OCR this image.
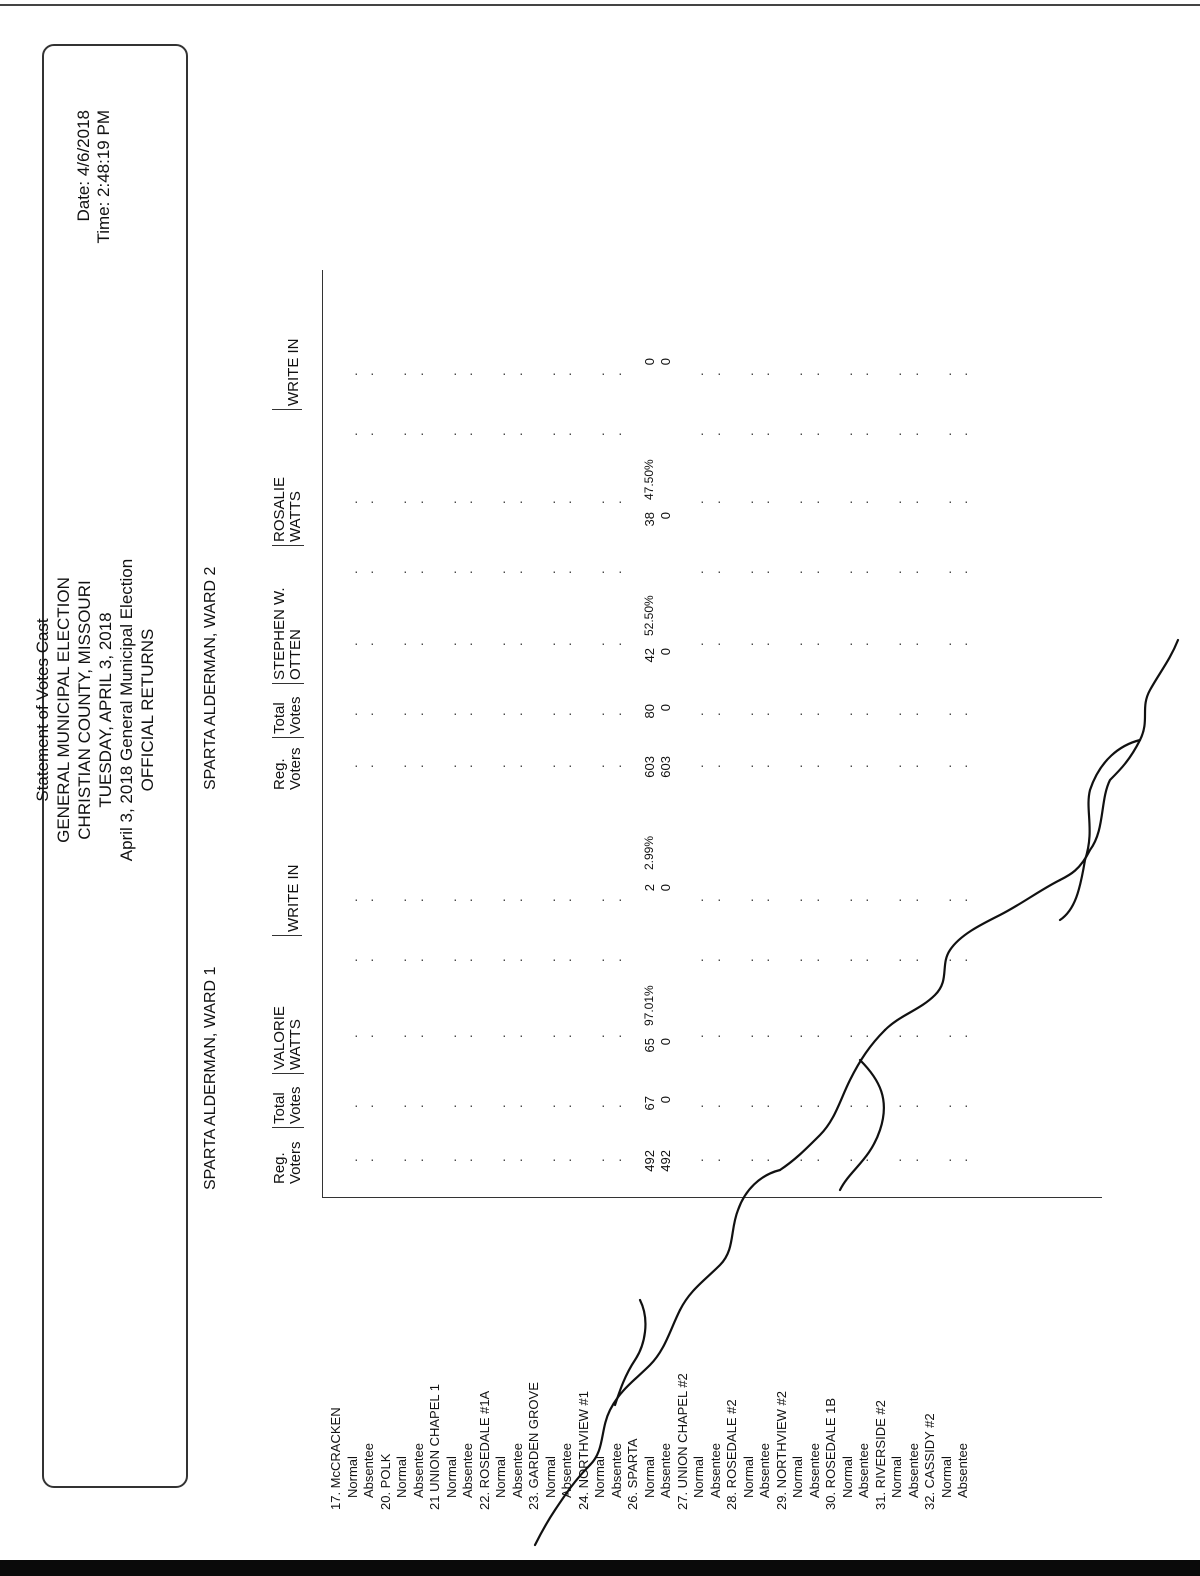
Date: 4/6/2018 Time: 2:48:19 PM
Statement of Votes Cast GENERAL MUNICIPAL ELECTION CHRISTIAN COUNTY, MISSOURI TUESDAY, APRIL 3, 2018 April 3, 2018 General Municipal Election OFFICIAL RETURNS
SPARTA ALDERMAN, WARD 1
SPARTA ALDERMAN, WARD 2
Reg.
Voters
Total
Votes
VALORIE
WATTS
WRITE IN
Reg.
Voters
Total
Votes
STEPHEN W.
OTTEN
ROSALIE
WATTS
WRITE IN
17. McCRACKEN Normal Absentee 20. POLK Normal Absentee 21 UNION CHAPEL 1 Normal Absentee 22. ROSEDALE #1A Normal Absentee 23. GARDEN GROVE Normal Absentee 24. NORTHVIEW #1 Normal Absentee 26. SPARTA Normal Absentee 27. UNION CHAPEL #2 Normal Absentee 28. ROSEDALE #2 Normal Absentee 29. NORTHVIEW #2 Normal Absentee 30. ROSEDALE 1B Normal Absentee 31. RIVERSIDE #2 Normal Absentee 32. CASSIDY #2 Normal Absentee
.
.
.
.
.
.
.
.
.
.
.
.
.
.
.
.
.
.
.
.
.
.
.
.
.
.
.
.
.
.
.
.
.
.
.
.
.
.
.
.
.
.
.
.
.
.
.
.
.
.
.
.
.
.
.
.
.
.
.
.
.
.
.
.
.
.
.
.
.
.
.
.
.
.
.
.
.
.
.
.
.
.
.
.
.
.
.
.
.
.
.
.
.
.
.
.
.
.
.
.
.
.
.
.
.
.
.
.
.
.
.
.
.
.
.
.
.
.
.
.
.
.
.
.
.
.
.
.
.
.
.
.
.
.
.
.
.
.
.
.
.
.
.
.
.
.
.
.
.
.
.
.
.
.
.
.
.
.
.
.
.
.
.
.
.
.
.
.
.
.
.
.
.
.
.
.
.
.
.
.
.
.
.
.
.
.
.
.
.
.
.
.
.
.
.
.
.
.
.
.
.
.
.
.
.
.
.
.
.
.
.
.
.
.
.
.
.
.
.
.
.
.
.
.
.
.
.
.
.
.
.
.
.
.
.
.
.
.
.
.
.
.
.
.
.
.
.
.
.
.
.
.
.
.
.
.
.
.
.
.
.
.
.
.
.
.
.
.
.
.
.
.
.
.
.
.
.
.
.
.
.
.
.
.
.
.
.
.
492 492
67 0
65 0
97.01%
2 0
2.99%
603 603
80 0
42 0
52.50%
38 0
47.50%
0 0
